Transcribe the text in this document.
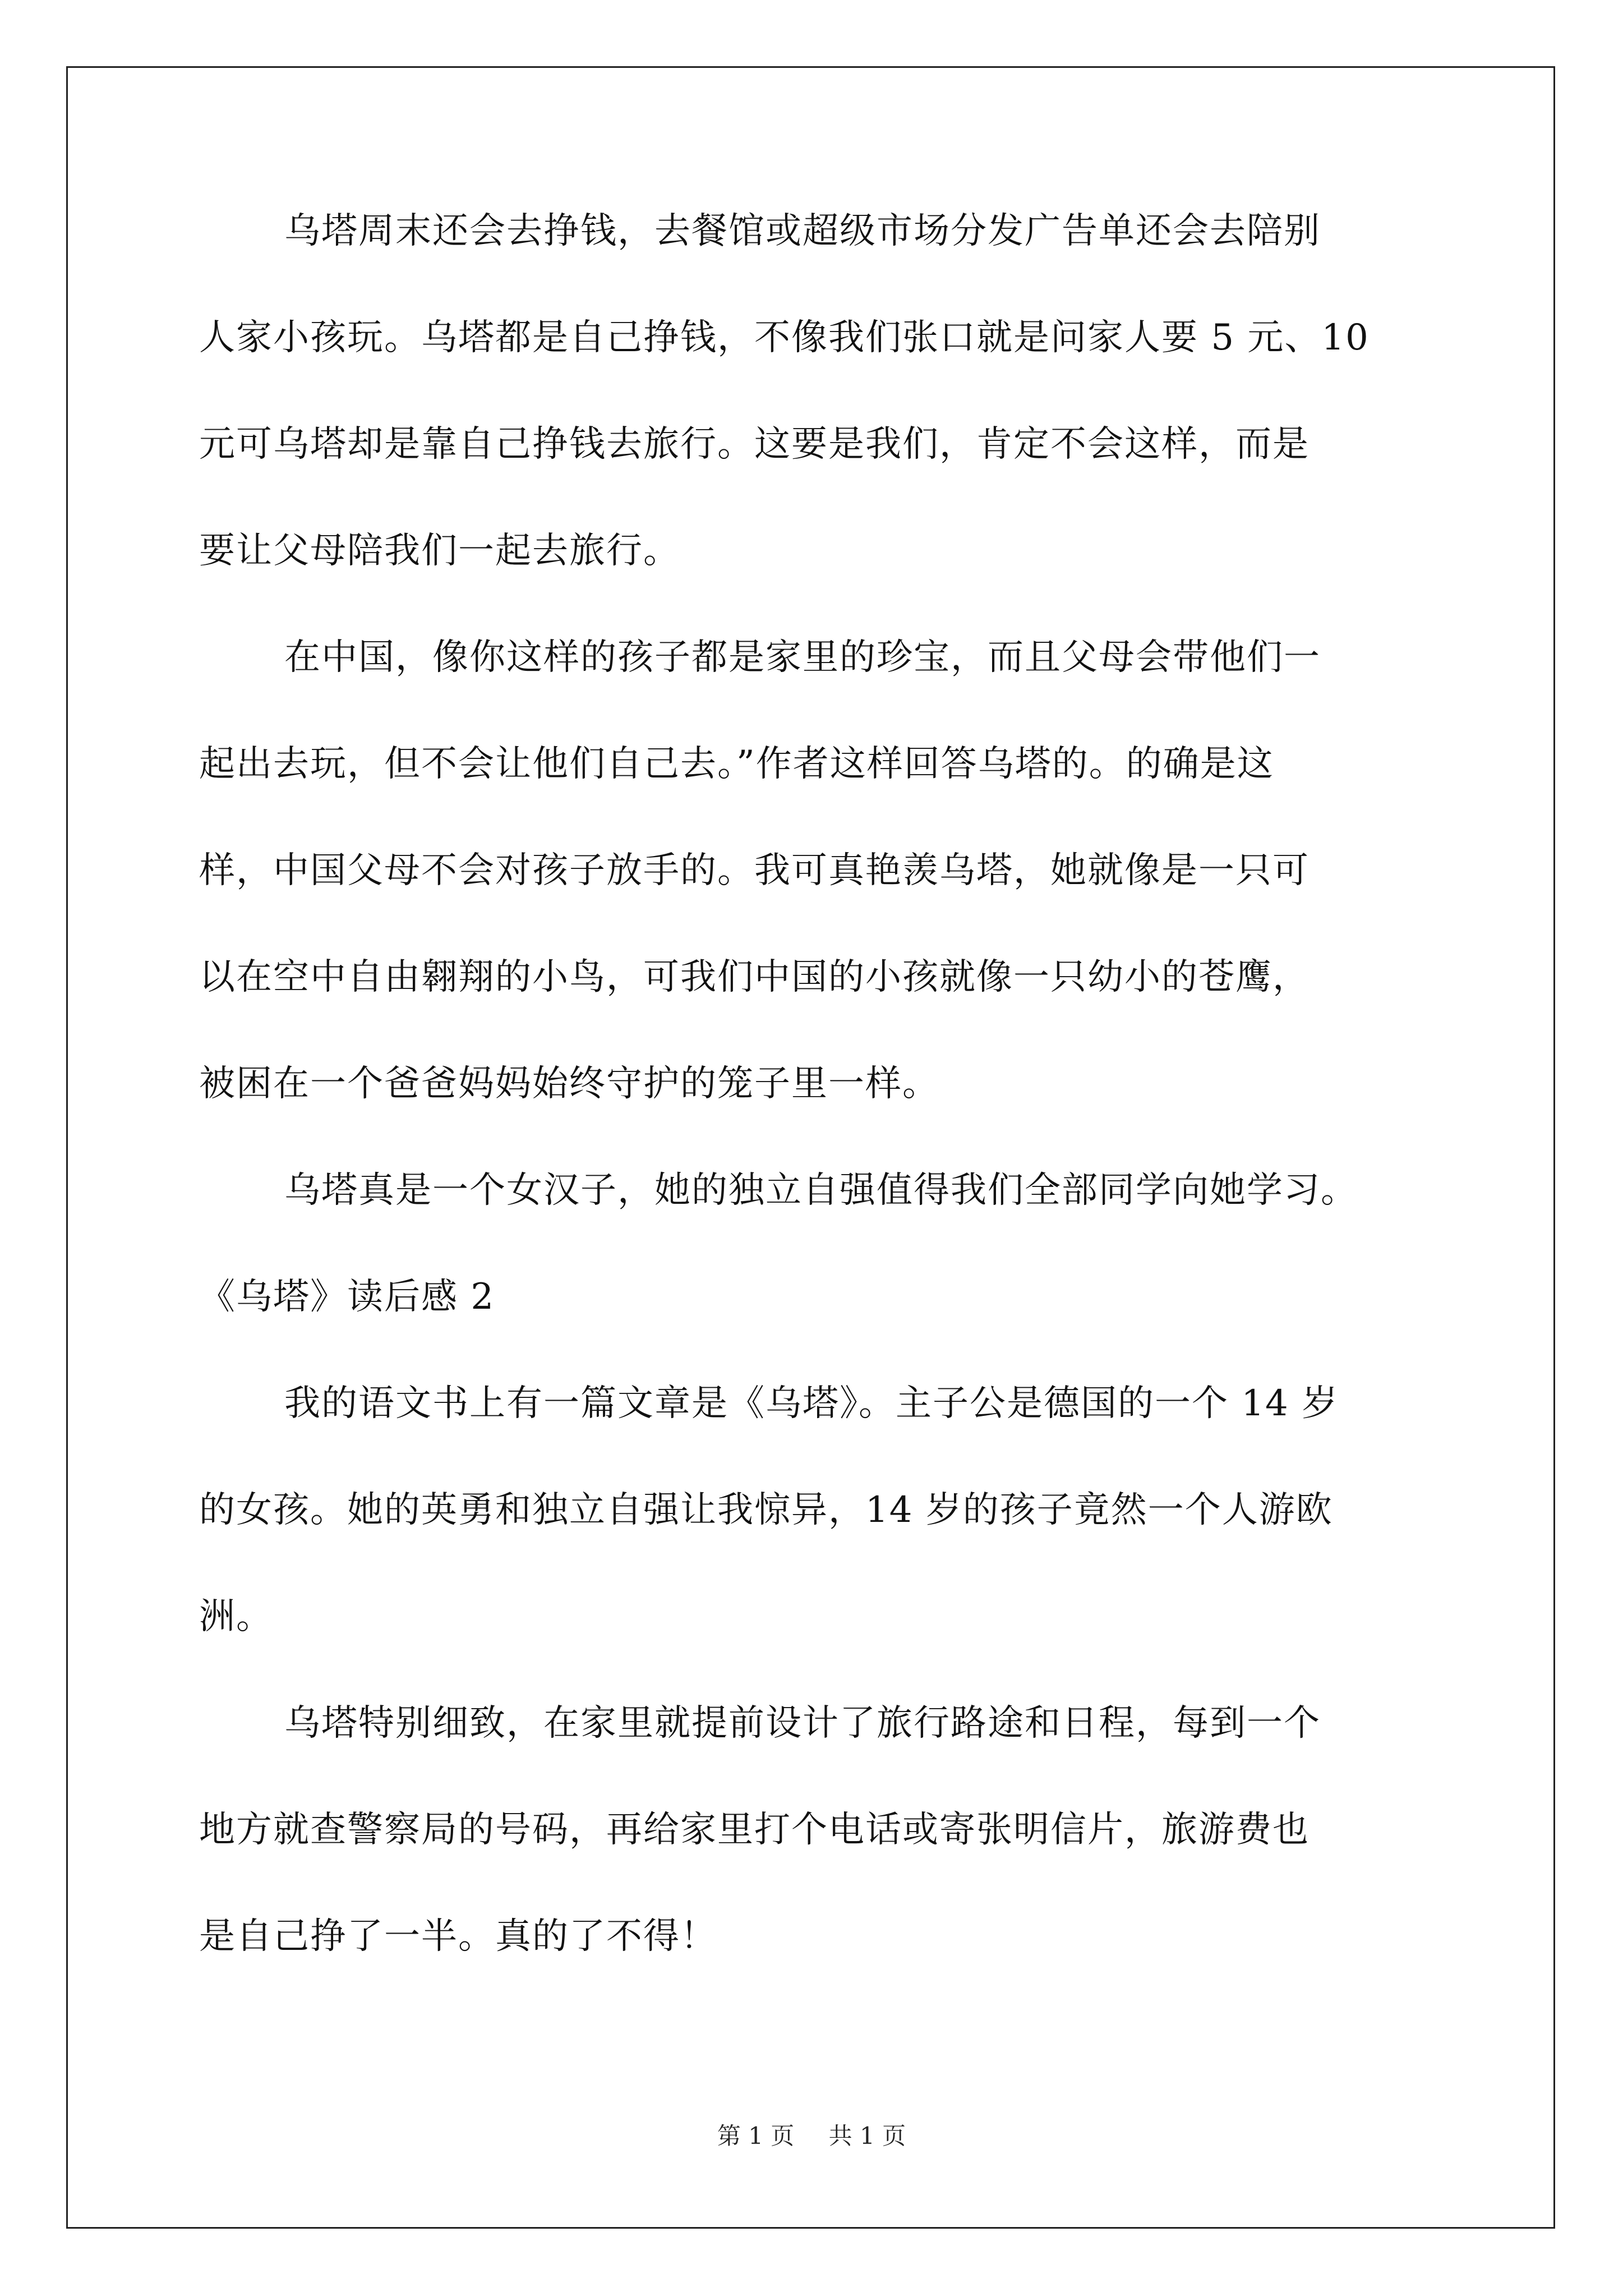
乌塔周末还会去挣钱，去餐馆或超级市场分发广告单还会去陪别
人家小孩玩。乌塔都是自己挣钱，不像我们张口就是问家人要 5 元、10
元可乌塔却是靠自己挣钱去旅行。这要是我们，肯定不会这样，而是
要让父母陪我们一起去旅行。
在中国，像你这样的孩子都是家里的珍宝，而且父母会带他们一
起出去玩，但不会让他们自己去。”作者这样回答乌塔的。的确是这
样，中国父母不会对孩子放手的。我可真艳羡乌塔，她就像是一只可
以在空中自由翱翔的小鸟，可我们中国的小孩就像一只幼小的苍鹰，
被困在一个爸爸妈妈始终守护的笼子里一样。
乌塔真是一个女汉子，她的独立自强值得我们全部同学向她学习。
《乌塔》读后感 2
我的语文书上有一篇文章是《乌塔》。主子公是德国的一个 14 岁
的女孩。她的英勇和独立自强让我惊异，14 岁的孩子竟然一个人游欧
洲。
乌塔特别细致，在家里就提前设计了旅行路途和日程，每到一个
地方就查警察局的号码，再给家里打个电话或寄张明信片，旅游费也
是自己挣了一半。真的了不得！
第 1 页 共 1 页
